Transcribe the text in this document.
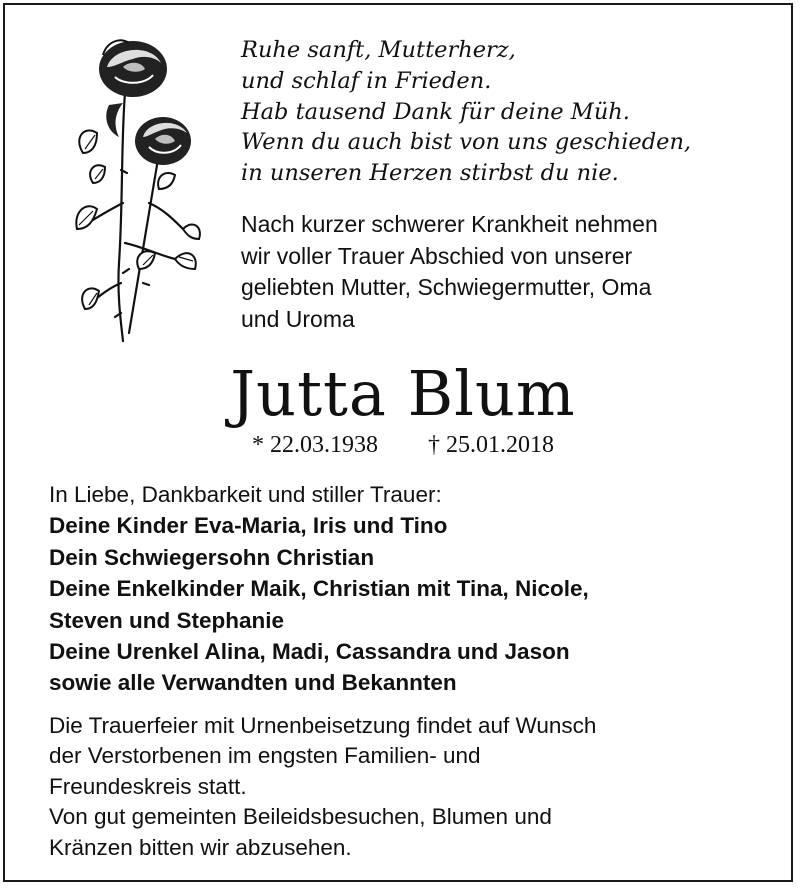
Ruhe sanft, Mutterherz,
und schlaf in Frieden.
Hab tausend Dank für deine Müh.
Wenn du auch bist von uns geschieden,
in unseren Herzen stirbst du nie.
Nach kurzer schwerer Krankheit nehmen
wir voller Trauer Abschied von unserer
geliebten Mutter, Schwiegermutter, Oma
und Uroma
Jutta Blum
* 22.03.1938 † 25.01.2018
In Liebe, Dankbarkeit und stiller Trauer:
Deine Kinder Eva-Maria, Iris und Tino
Dein Schwiegersohn Christian
Deine Enkelkinder Maik, Christian mit Tina, Nicole,
Steven und Stephanie
Deine Urenkel Alina, Madi, Cassandra und Jason
sowie alle Verwandten und Bekannten
Die Trauerfeier mit Urnenbeisetzung findet auf Wunsch
der Verstorbenen im engsten Familien- und
Freundeskreis statt.
Von gut gemeinten Beileidsbesuchen, Blumen und
Kränzen bitten wir abzusehen.
